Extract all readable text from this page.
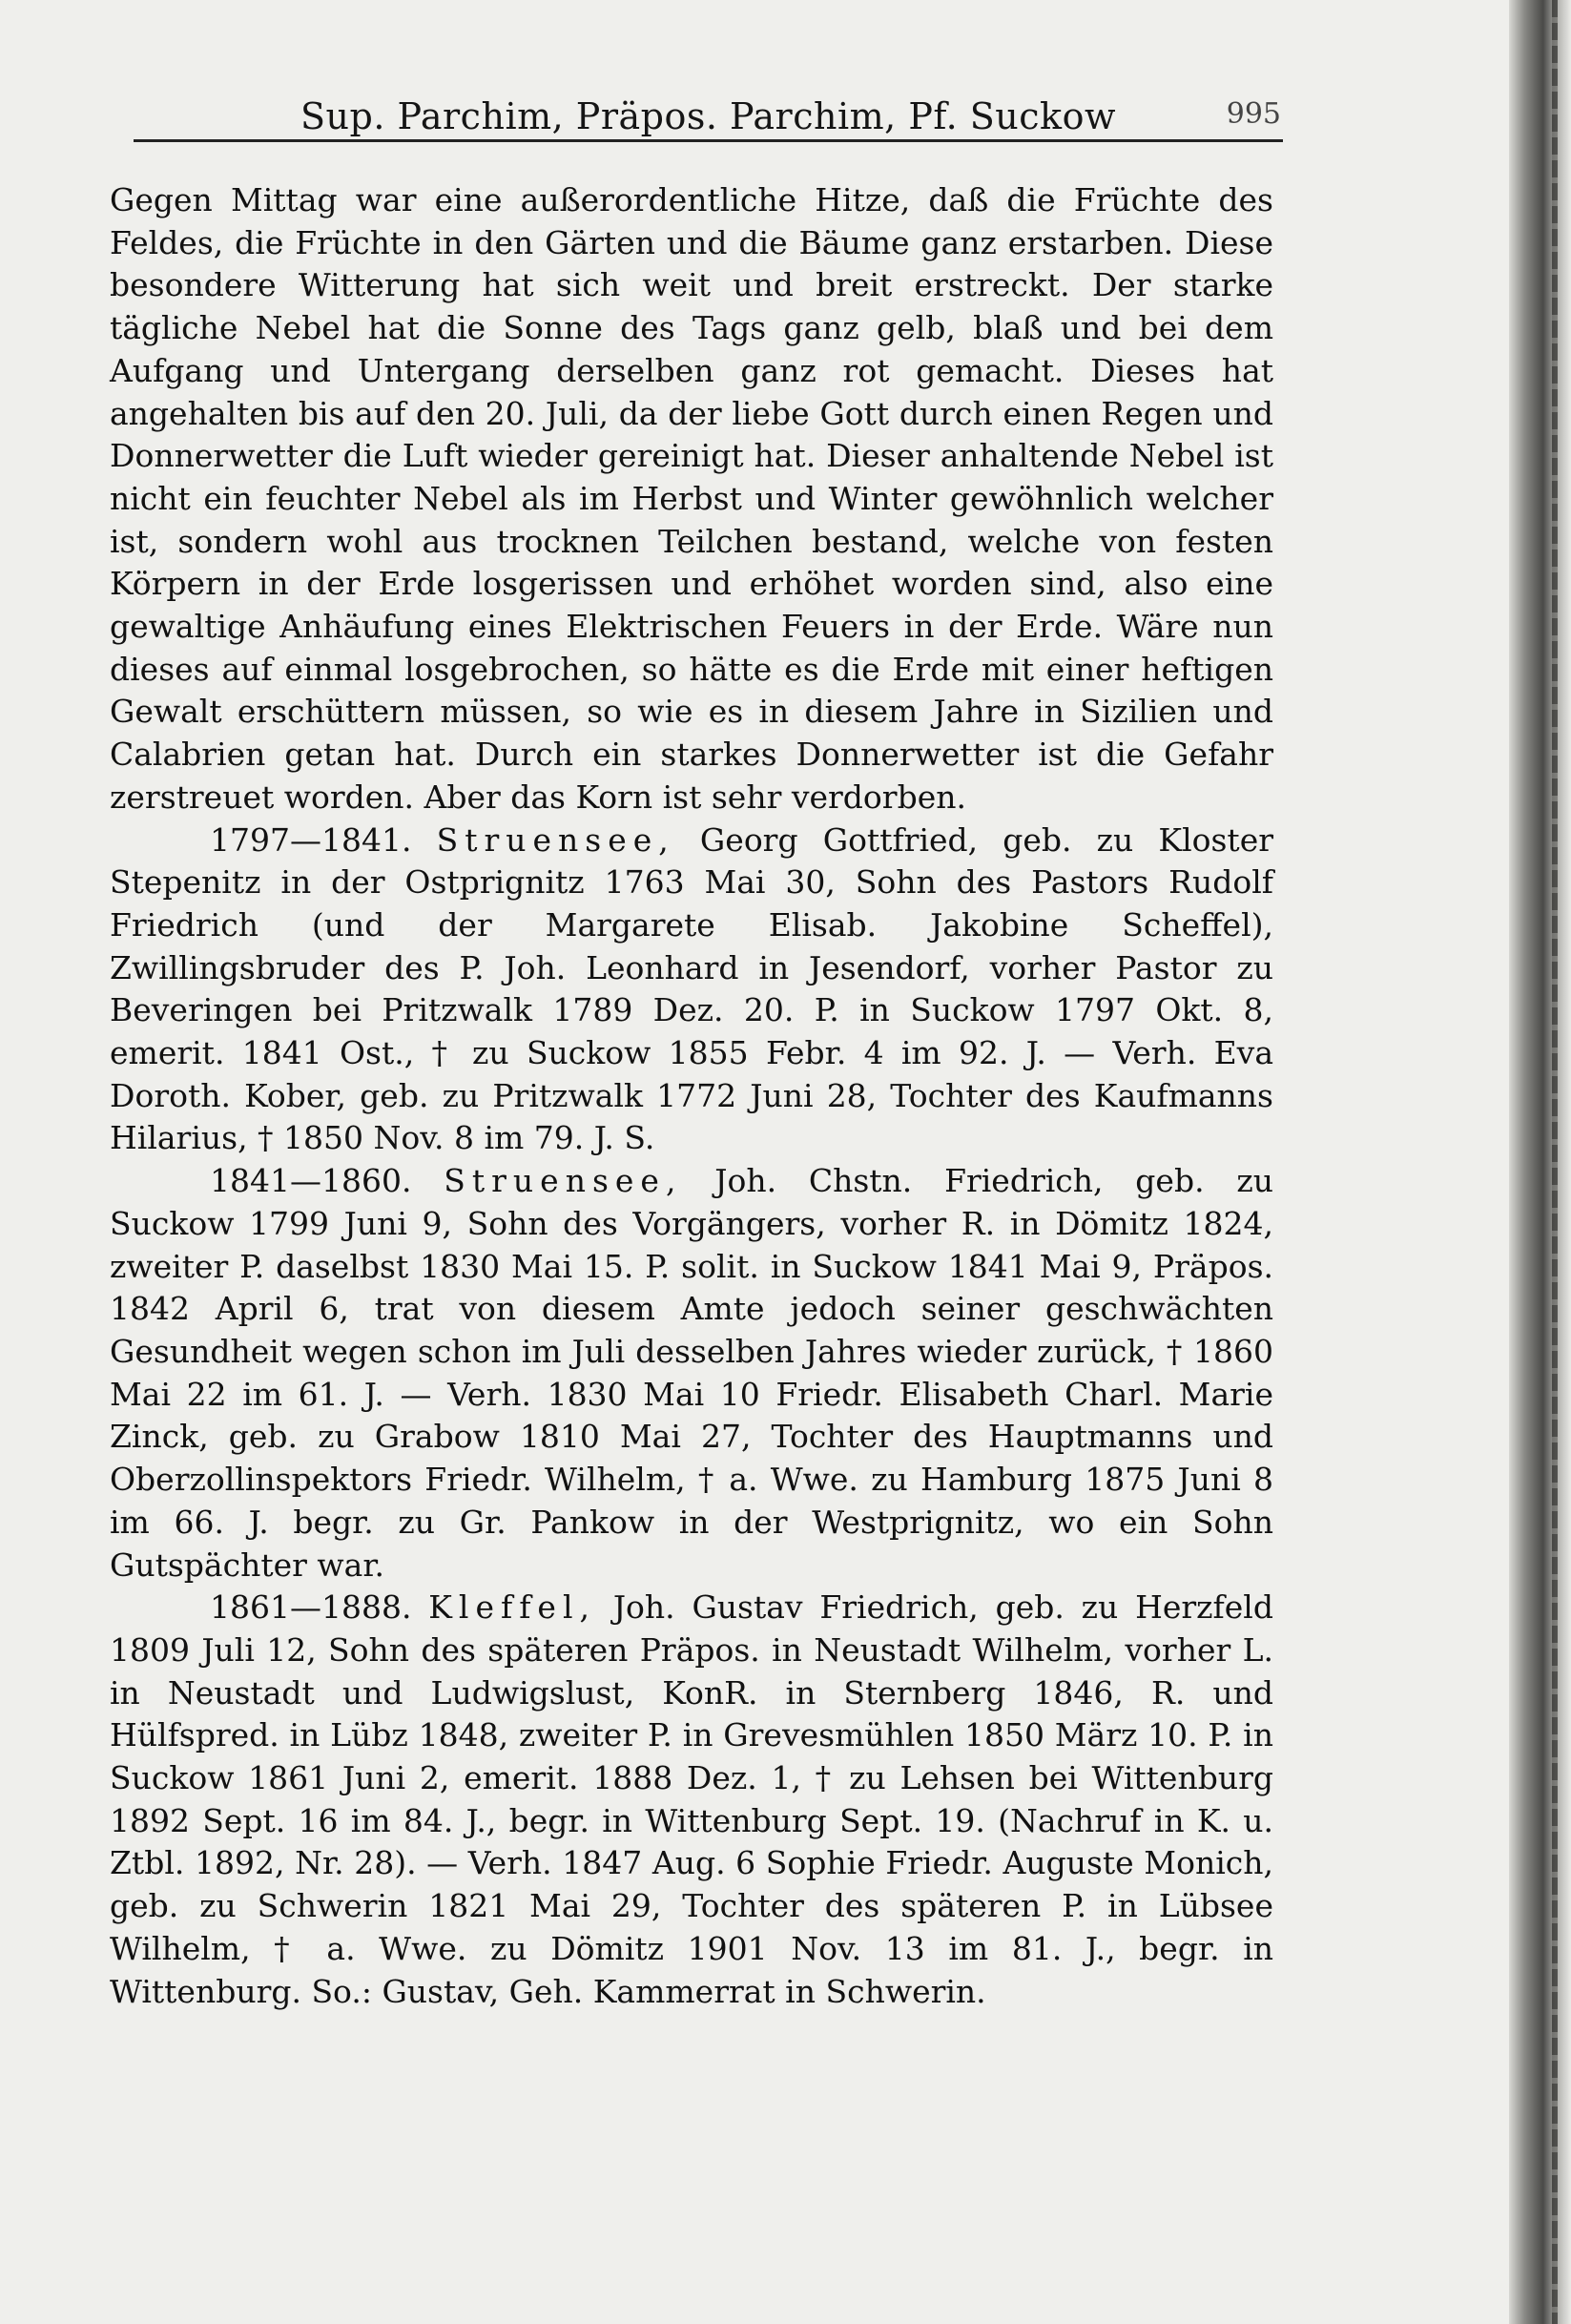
Sup. Parchim, Präpos. Parchim, Pf. Suckow	995

Gegen Mittag war eine außerordentliche Hitze, daß die Früchte des Feldes, die Früchte in den Gärten und die Bäume ganz erstarben. Diese besondere Witterung hat sich weit und breit erstreckt. Der starke tägliche Nebel hat die Sonne des Tags ganz gelb, blaß und bei dem Aufgang und Untergang derselben ganz rot gemacht. Dieses hat angehalten bis auf den 20. Juli, da der liebe Gott durch einen Regen und Donnerwetter die Luft wieder gereinigt hat. Dieser anhaltende Nebel ist nicht ein feuchter Nebel als im Herbst und Winter gewöhnlich welcher ist, sondern wohl aus trocknen Teilchen bestand, welche von festen Körpern in der Erde losgerissen und erhöhet worden sind, also eine gewaltige Anhäufung eines Elektrischen Feuers in der Erde. Wäre nun dieses auf einmal losgebrochen, so hätte es die Erde mit einer heftigen Gewalt erschüttern müssen, so wie es in diesem Jahre in Sizilien und Calabrien getan hat. Durch ein starkes Donnerwetter ist die Gefahr zerstreuet worden. Aber das Korn ist sehr verdorben.

1797—1841. Struensee, Georg Gottfried, geb. zu Kloster Stepenitz in der Ostprignitz 1763 Mai 30, Sohn des Pastors Rudolf Friedrich (und der Margarete Elisab. Jakobine Scheffel), Zwillingsbruder des P. Joh. Leonhard in Jesendorf, vorher Pastor zu Beveringen bei Pritzwalk 1789 Dez. 20. P. in Suckow 1797 Okt. 8, emerit. 1841 Ost., † zu Suckow 1855 Febr. 4 im 92. J. — Verh. Eva Doroth. Kober, geb. zu Pritzwalk 1772 Juni 28, Tochter des Kaufmanns Hilarius, † 1850 Nov. 8 im 79. J. S.

1841—1860. Struensee, Joh. Chstn. Friedrich, geb. zu Suckow 1799 Juni 9, Sohn des Vorgängers, vorher R. in Dömitz 1824, zweiter P. daselbst 1830 Mai 15. P. solit. in Suckow 1841 Mai 9, Präpos. 1842 April 6, trat von diesem Amte jedoch seiner geschwächten Gesundheit wegen schon im Juli desselben Jahres wieder zurück, † 1860 Mai 22 im 61. J. — Verh. 1830 Mai 10 Friedr. Elisabeth Charl. Marie Zinck, geb. zu Grabow 1810 Mai 27, Tochter des Hauptmanns und Oberzollinspektors Friedr. Wilhelm, † a. Wwe. zu Hamburg 1875 Juni 8 im 66. J. begr. zu Gr. Pankow in der Westprignitz, wo ein Sohn Gutspächter war.

1861—1888. Kleffel, Joh. Gustav Friedrich, geb. zu Herzfeld 1809 Juli 12, Sohn des späteren Präpos. in Neustadt Wilhelm, vorher L. in Neustadt und Ludwigslust, KonR. in Sternberg 1846, R. und Hülfspred. in Lübz 1848, zweiter P. in Grevesmühlen 1850 März 10. P. in Suckow 1861 Juni 2, emerit. 1888 Dez. 1, † zu Lehsen bei Wittenburg 1892 Sept. 16 im 84. J., begr. in Wittenburg Sept. 19. (Nachruf in K. u. Ztbl. 1892, Nr. 28). — Verh. 1847 Aug. 6 Sophie Friedr. Auguste Monich, geb. zu Schwerin 1821 Mai 29, Tochter des späteren P. in Lübsee Wilhelm, † a. Wwe. zu Dömitz 1901 Nov. 13 im 81. J., begr. in Wittenburg. So.: Gustav, Geh. Kammerrat in Schwerin.
